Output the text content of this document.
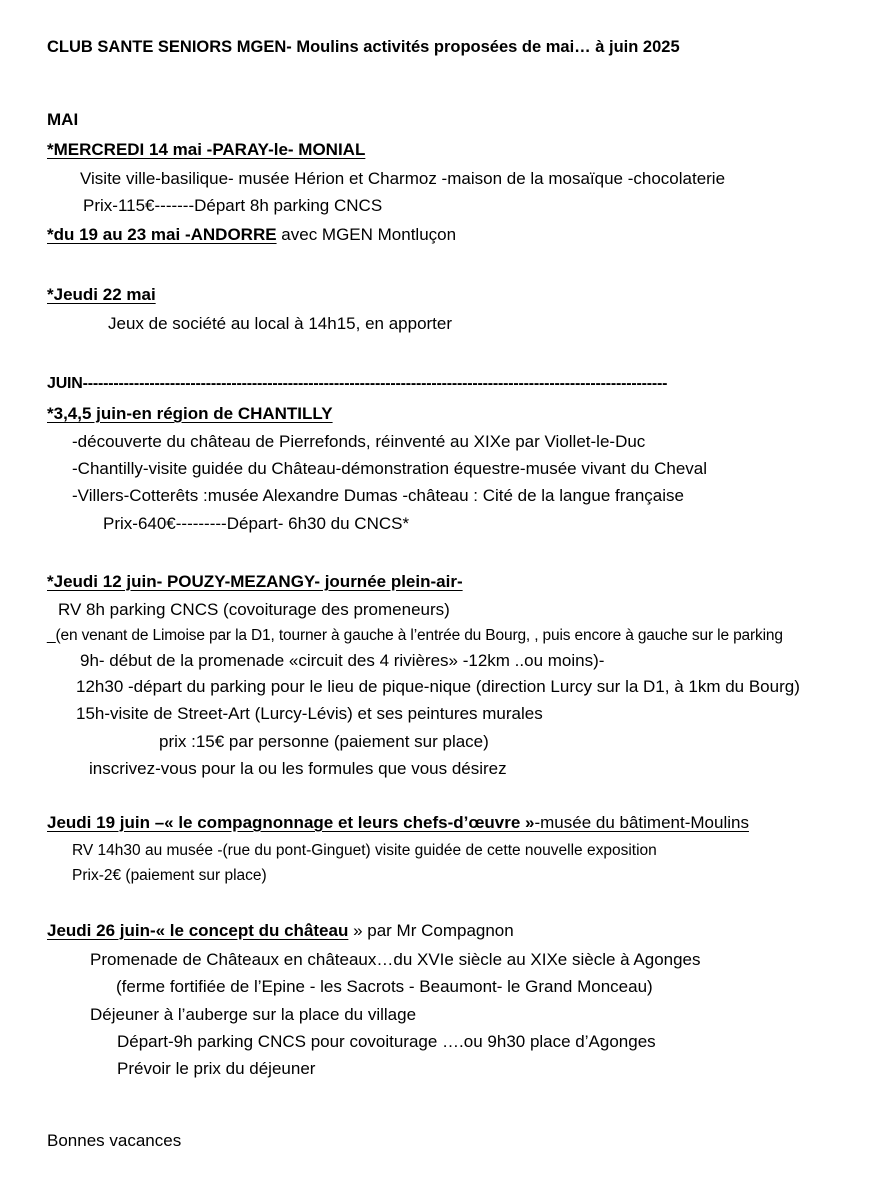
CLUB SANTE SENIORS MGEN- Moulins activités proposées de mai… à juin 2025
MAI
*MERCREDI 14 mai -PARAY-le- MONIAL
Visite ville-basilique- musée Hérion et Charmoz -maison de la mosaïque -chocolaterie
Prix-115€-------Départ 8h parking CNCS
*du 19 au 23 mai -ANDORRE avec MGEN Montluçon
*Jeudi 22 mai
Jeux de société au local à 14h15, en apporter
JUIN------------------------------------------------------------------------------------------------------------------
*3,4,5 juin-en région de CHANTILLY
-découverte du château de Pierrefonds, réinventé au XIXe par Viollet-le-Duc
-Chantilly-visite guidée du Château-démonstration équestre-musée vivant du Cheval
-Villers-Cotterêts :musée Alexandre Dumas -château : Cité de la langue française
Prix-640€---------Départ- 6h30 du CNCS*
*Jeudi 12 juin- POUZY-MEZANGY- journée plein-air-
RV 8h parking CNCS (covoiturage des promeneurs)
_(en venant de Limoise par la D1, tourner à gauche à l’entrée du Bourg, , puis encore à gauche sur le parking
9h- début de la promenade «circuit des 4 rivières» -12km ..ou moins)-
12h30 -départ du parking pour le lieu de pique-nique (direction Lurcy sur la D1, à 1km du Bourg)
15h-visite de Street-Art (Lurcy-Lévis) et ses peintures murales
prix :15€ par personne (paiement sur place)
inscrivez-vous pour la ou les formules que vous désirez
Jeudi 19 juin –« le compagnonnage et leurs chefs-d’œuvre »-musée du bâtiment-Moulins
RV 14h30 au musée -(rue du pont-Ginguet) visite guidée de cette nouvelle exposition
Prix-2€ (paiement sur place)
Jeudi 26 juin-« le concept du château » par Mr Compagnon
Promenade de Châteaux en châteaux…du XVIe siècle au XIXe siècle à Agonges
(ferme fortifiée de l’Epine - les Sacrots - Beaumont- le Grand Monceau)
Déjeuner à l’auberge sur la place du village
Départ-9h parking CNCS pour covoiturage ….ou 9h30 place d’Agonges
Prévoir le prix du déjeuner
Bonnes vacances
